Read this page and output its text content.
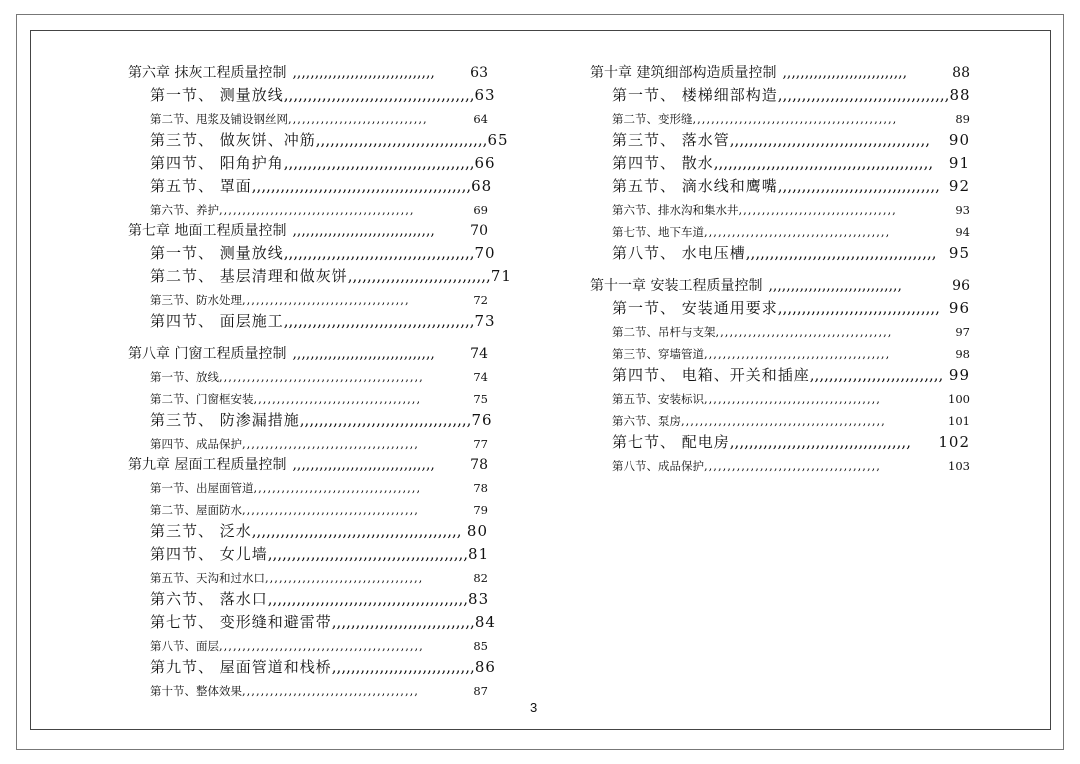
第六章 抹灰工程质量控制 ,,,,,,,,,,,,,,,,,,,,,,,,,,,,,,,,	63
第一节、 测量放线 ,,,,,,,,,,,,,,,,,,,,,,,,,,,,,,,,,,,,,,,, 63
第二节、甩浆及铺设钢丝网 ,,,,,,,,,,,,,,,,,,,,,,,,,,,,,,	64
第三节、 做灰饼、冲筋 ,,,,,,,,,,,,,,,,,,,,,,,,,,,,,,,,,,,, 65
第四节、 阳角护角 ,,,,,,,,,,,,,,,,,,,,,,,,,,,,,,,,,,,,,,,, 66
第五节、 罩面 ,,,,,,,,,,,,,,,,,,,,,,,,,,,,,,,,,,,,,,,,,,,,,, 68
第六节、养护 ,,,,,,,,,,,,,,,,,,,,,,,,,,,,,,,,,,,,,,,,,,	69
第七章 地面工程质量控制 ,,,,,,,,,,,,,,,,,,,,,,,,,,,,,,,,	70
第一节、 测量放线 ,,,,,,,,,,,,,,,,,,,,,,,,,,,,,,,,,,,,,,,, 70
第二节、 基层清理和做灰饼 ,,,,,,,,,,,,,,,,,,,,,,,,,,,,,, 71
第三节、防水处理 ,,,,,,,,,,,,,,,,,,,,,,,,,,,,,,,,,,,,	72
第四节、 面层施工 ,,,,,,,,,,,,,,,,,,,,,,,,,,,,,,,,,,,,,,,, 73
第八章 门窗工程质量控制 ,,,,,,,,,,,,,,,,,,,,,,,,,,,,,,,,	74
第一节、放线 ,,,,,,,,,,,,,,,,,,,,,,,,,,,,,,,,,,,,,,,,,,,,	74
第二节、门窗框安装 ,,,,,,,,,,,,,,,,,,,,,,,,,,,,,,,,,,,,	75
第三节、 防渗漏措施 ,,,,,,,,,,,,,,,,,,,,,,,,,,,,,,,,,,,, 76
第四节、成品保护 ,,,,,,,,,,,,,,,,,,,,,,,,,,,,,,,,,,,,,,	77
第九章 屋面工程质量控制 ,,,,,,,,,,,,,,,,,,,,,,,,,,,,,,,,	78
第一节、出屋面管道 ,,,,,,,,,,,,,,,,,,,,,,,,,,,,,,,,,,,,	78
第二节、屋面防水 ,,,,,,,,,,,,,,,,,,,,,,,,,,,,,,,,,,,,,,	79
第三节、 泛水 ,,,,,,,,,,,,,,,,,,,,,,,,,,,,,,,,,,,,,,,,,,,, 80
第四节、 女儿墙 ,,,,,,,,,,,,,,,,,,,,,,,,,,,,,,,,,,,,,,,,,, 81
第五节、天沟和过水口 ,,,,,,,,,,,,,,,,,,,,,,,,,,,,,,,,,,	82
第六节、 落水口 ,,,,,,,,,,,,,,,,,,,,,,,,,,,,,,,,,,,,,,,,,, 83
第七节、 变形缝和避雷带 ,,,,,,,,,,,,,,,,,,,,,,,,,,,,,, 84
第八节、面层 ,,,,,,,,,,,,,,,,,,,,,,,,,,,,,,,,,,,,,,,,,,,,	85
第九节、 屋面管道和栈桥 ,,,,,,,,,,,,,,,,,,,,,,,,,,,,,, 86
第十节、整体效果 ,,,,,,,,,,,,,,,,,,,,,,,,,,,,,,,,,,,,,,	87
第十章 建筑细部构造质量控制 ,,,,,,,,,,,,,,,,,,,,,,,,,,,,	88
第一节、 楼梯细部构造 ,,,,,,,,,,,,,,,,,,,,,,,,,,,,,,,,,,,, 88
第二节、变形缝 ,,,,,,,,,,,,,,,,,,,,,,,,,,,,,,,,,,,,,,,,,,,,	89
第三节、 落水管 ,,,,,,,,,,,,,,,,,,,,,,,,,,,,,,,,,,,,,,,,,,	90
第四节、 散水 ,,,,,,,,,,,,,,,,,,,,,,,,,,,,,,,,,,,,,,,,,,,,,,	91
第五节、 滴水线和鹰嘴 ,,,,,,,,,,,,,,,,,,,,,,,,,,,,,,,,,, 92
第六节、排水沟和集水井 ,,,,,,,,,,,,,,,,,,,,,,,,,,,,,,,,,,	93
第七节、地下车道 ,,,,,,,,,,,,,,,,,,,,,,,,,,,,,,,,,,,,,,,,	94
第八节、 水电压槽 ,,,,,,,,,,,,,,,,,,,,,,,,,,,,,,,,,,,,,,,, 95
第十一章 安装工程质量控制 ,,,,,,,,,,,,,,,,,,,,,,,,,,,,,,	96
第一节、 安装通用要求 ,,,,,,,,,,,,,,,,,,,,,,,,,,,,,,,,,, 96
第二节、吊杆与支架 ,,,,,,,,,,,,,,,,,,,,,,,,,,,,,,,,,,,,,,	97
第三节、穿墙管道 ,,,,,,,,,,,,,,,,,,,,,,,,,,,,,,,,,,,,,,,,	98
第四节、 电箱、开关和插座 ,,,,,,,,,,,,,,,,,,,,,,,,,,,, 99
第五节、安装标识 ,,,,,,,,,,,,,,,,,,,,,,,,,,,,,,,,,,,,,,	100
第六节、泵房 ,,,,,,,,,,,,,,,,,,,,,,,,,,,,,,,,,,,,,,,,,,,,	101
第七节、 配电房 ,,,,,,,,,,,,,,,,,,,,,,,,,,,,,,,,,,,,,,	102
第八节、成品保护 ,,,,,,,,,,,,,,,,,,,,,,,,,,,,,,,,,,,,,,	103
3
